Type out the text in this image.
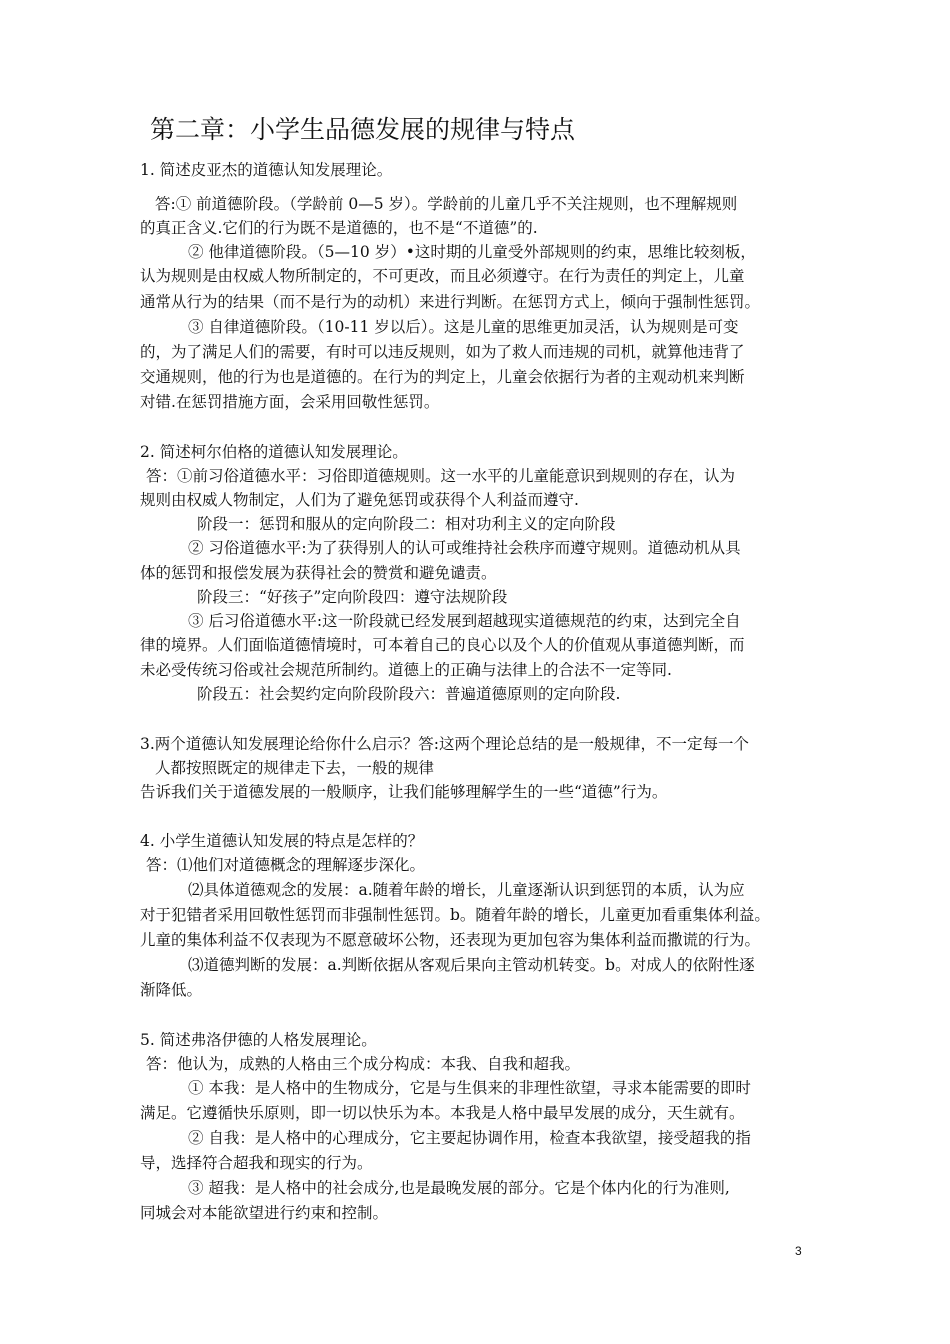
第二章：小学生品德发展的规律与特点
1. 简述皮亚杰的道德认知发展理论。
答:① 前道德阶段。（学龄前 0—5 岁）。学龄前的儿童几乎不关注规则，也不理解规则
的真正含义.它们的行为既不是道德的，也不是“不道德”的.
② 他律道德阶段。（5—10 岁）•这时期的儿童受外部规则的约束，思维比较刻板，
认为规则是由权威人物所制定的，不可更改，而且必须遵守。在行为责任的判定上，儿童
通常从行为的结果（而不是行为的动机）来进行判断。在惩罚方式上，倾向于强制性惩罚。
③ 自律道德阶段。（10-11 岁以后）。这是儿童的思维更加灵活，认为规则是可变
的，为了满足人们的需要，有时可以违反规则，如为了救人而违规的司机，就算他违背了
交通规则，他的行为也是道德的。在行为的判定上，儿童会依据行为者的主观动机来判断
对错.在惩罚措施方面，会采用回敬性惩罚。
2. 简述柯尔伯格的道德认知发展理论。
答：①前习俗道德水平：习俗即道德规则。这一水平的儿童能意识到规则的存在，认为
规则由权威人物制定，人们为了避免惩罚或获得个人利益而遵守.
阶段一：惩罚和服从的定向阶段二：相对功利主义的定向阶段
② 习俗道德水平:为了获得别人的认可或维持社会秩序而遵守规则。道德动机从具
体的惩罚和报偿发展为获得社会的赞赏和避免谴责。
阶段三：“好孩子”定向阶段四：遵守法规阶段
③ 后习俗道德水平:这一阶段就已经发展到超越现实道德规范的约束，达到完全自
律的境界。人们面临道德情境时，可本着自己的良心以及个人的价值观从事道德判断，而
未必受传统习俗或社会规范所制约。道德上的正确与法律上的合法不一定等同.
阶段五：社会契约定向阶段阶段六：普遍道德原则的定向阶段.
3.两个道德认知发展理论给你什么启示？答:这两个理论总结的是一般规律，不一定每一个
人都按照既定的规律走下去，一般的规律
告诉我们关于道德发展的一般顺序，让我们能够理解学生的一些“道德”行为。
4. 小学生道德认知发展的特点是怎样的？
答：⑴他们对道德概念的理解逐步深化。
⑵具体道德观念的发展：a.随着年龄的增长，儿童逐渐认识到惩罚的本质，认为应
对于犯错者采用回敬性惩罚而非强制性惩罚。b。随着年龄的增长，儿童更加看重集体利益。
儿童的集体利益不仅表现为不愿意破坏公物，还表现为更加包容为集体利益而撒谎的行为。
⑶道德判断的发展：a.判断依据从客观后果向主管动机转变。b。对成人的依附性逐
渐降低。
5. 简述弗洛伊德的人格发展理论。
答：他认为，成熟的人格由三个成分构成：本我、自我和超我。
① 本我：是人格中的生物成分，它是与生俱来的非理性欲望，寻求本能需要的即时
满足。它遵循快乐原则，即一切以快乐为本。本我是人格中最早发展的成分，天生就有。
② 自我：是人格中的心理成分，它主要起协调作用，检查本我欲望，接受超我的指
导，选择符合超我和现实的行为。
③ 超我：是人格中的社会成分,也是最晚发展的部分。它是个体内化的行为准则,
同城会对本能欲望进行约束和控制。
3
